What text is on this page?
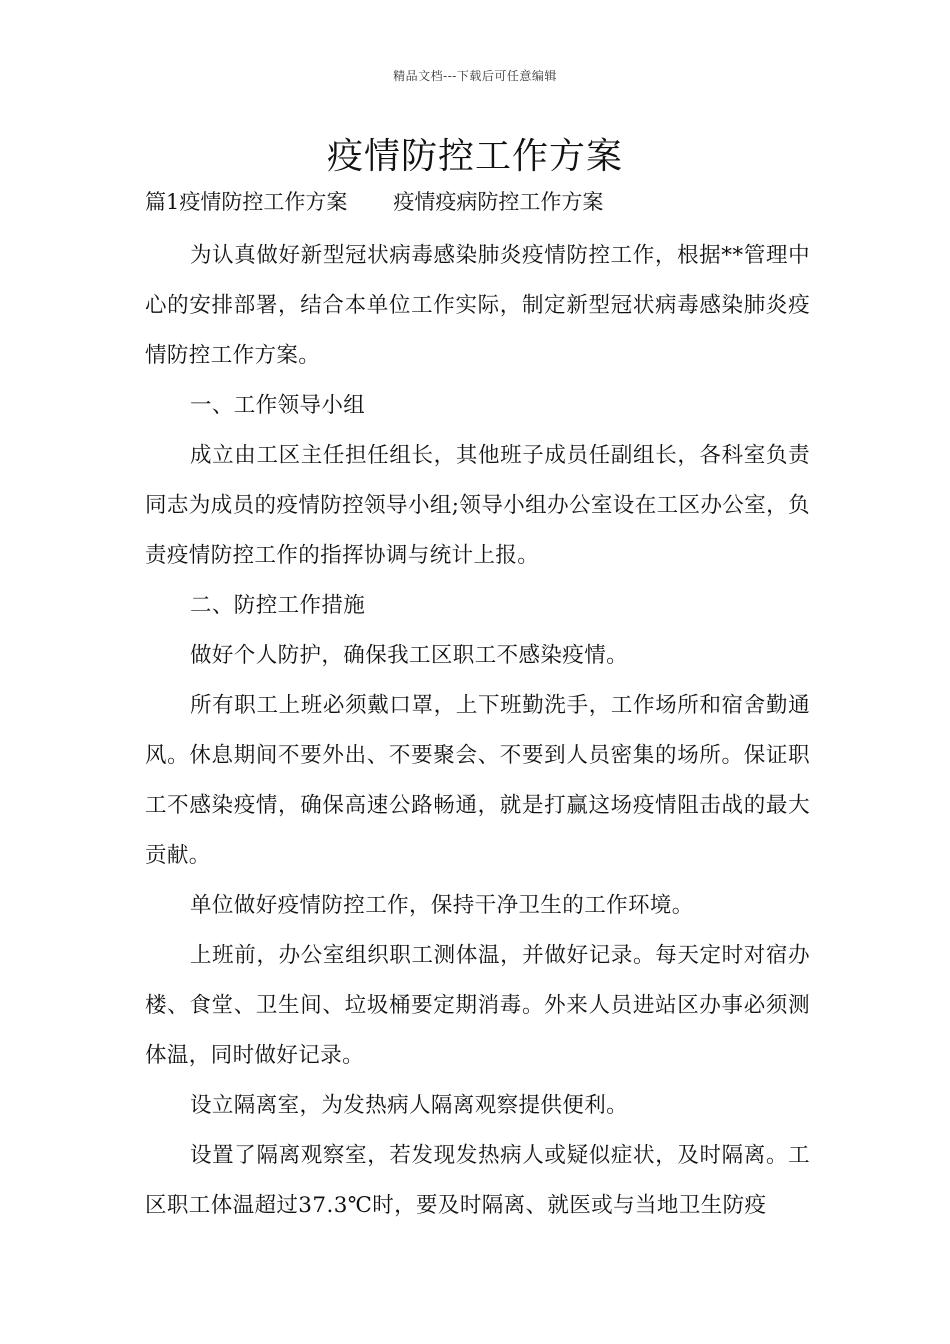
精品文档---下载后可任意编辑
疫情防控工作方案
篇1疫情防控工作方案 疫情疫病防控工作方案

为认真做好新型冠状病毒感染肺炎疫情防控工作，根据**管理中心的安排部署，结合本单位工作实际，制定新型冠状病毒感染肺炎疫情防控工作方案。

一、工作领导小组

成立由工区主任担任组长，其他班子成员任副组长，各科室负责同志为成员的疫情防控领导小组;领导小组办公室设在工区办公室，负责疫情防控工作的指挥协调与统计上报。

二、防控工作措施

做好个人防护，确保我工区职工不感染疫情。

所有职工上班必须戴口罩，上下班勤洗手，工作场所和宿舍勤通风。休息期间不要外出、不要聚会、不要到人员密集的场所。保证职工不感染疫情，确保高速公路畅通，就是打赢这场疫情阻击战的最大贡献。

单位做好疫情防控工作，保持干净卫生的工作环境。

上班前，办公室组织职工测体温，并做好记录。每天定时对宿办楼、食堂、卫生间、垃圾桶要定期消毒。外来人员进站区办事必须测体温，同时做好记录。

设立隔离室，为发热病人隔离观察提供便利。

设置了隔离观察室，若发现发热病人或疑似症状，及时隔离。工区职工体温超过37.3℃时，要及时隔离、就医或与当地卫生防疫
